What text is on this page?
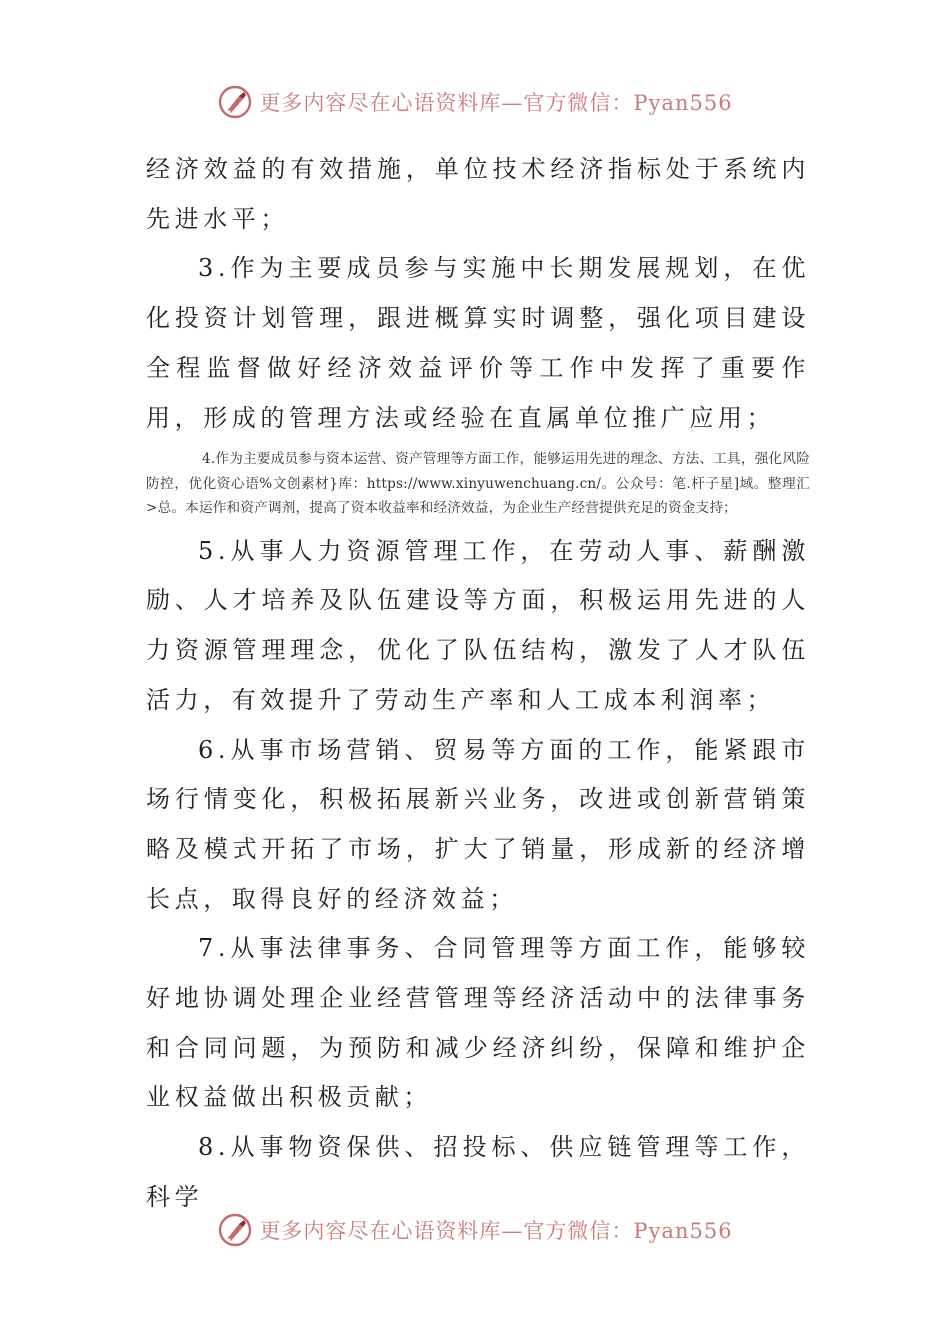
更多内容尽在心语资料库—官方微信：Pyan556

经济效益的有效措施，单位技术经济指标处于系统内先进水平；

3.作为主要成员参与实施中长期发展规划，在优化投资计划管理，跟进概算实时调整，强化项目建设全程监督做好经济效益评价等工作中发挥了重要作用，形成的管理方法或经验在直属单位推广应用；

4.作为主要成员参与资本运营、资产管理等方面工作，能够运用先进的理念、方法、工具，强化风险防控，优化资心语%文创素材}库：https://www.xinyuwenchuang.cn/。公众号：笔.杆子星]域。整理汇>总。本运作和资产调剂，提高了资本收益率和经济效益，为企业生产经营提供充足的资金支持；

5.从事人力资源管理工作，在劳动人事、薪酬激励、人才培养及队伍建设等方面，积极运用先进的人力资源管理理念，优化了队伍结构，激发了人才队伍活力，有效提升了劳动生产率和人工成本利润率；

6.从事市场营销、贸易等方面的工作，能紧跟市场行情变化，积极拓展新兴业务，改进或创新营销策略及模式开拓了市场，扩大了销量，形成新的经济增长点，取得良好的经济效益；

7.从事法律事务、合同管理等方面工作，能够较好地协调处理企业经营管理等经济活动中的法律事务和合同问题，为预防和减少经济纠纷，保障和维护企业权益做出积极贡献；

8.从事物资保供、招投标、供应链管理等工作，科学

更多内容尽在心语资料库—官方微信：Pyan556
